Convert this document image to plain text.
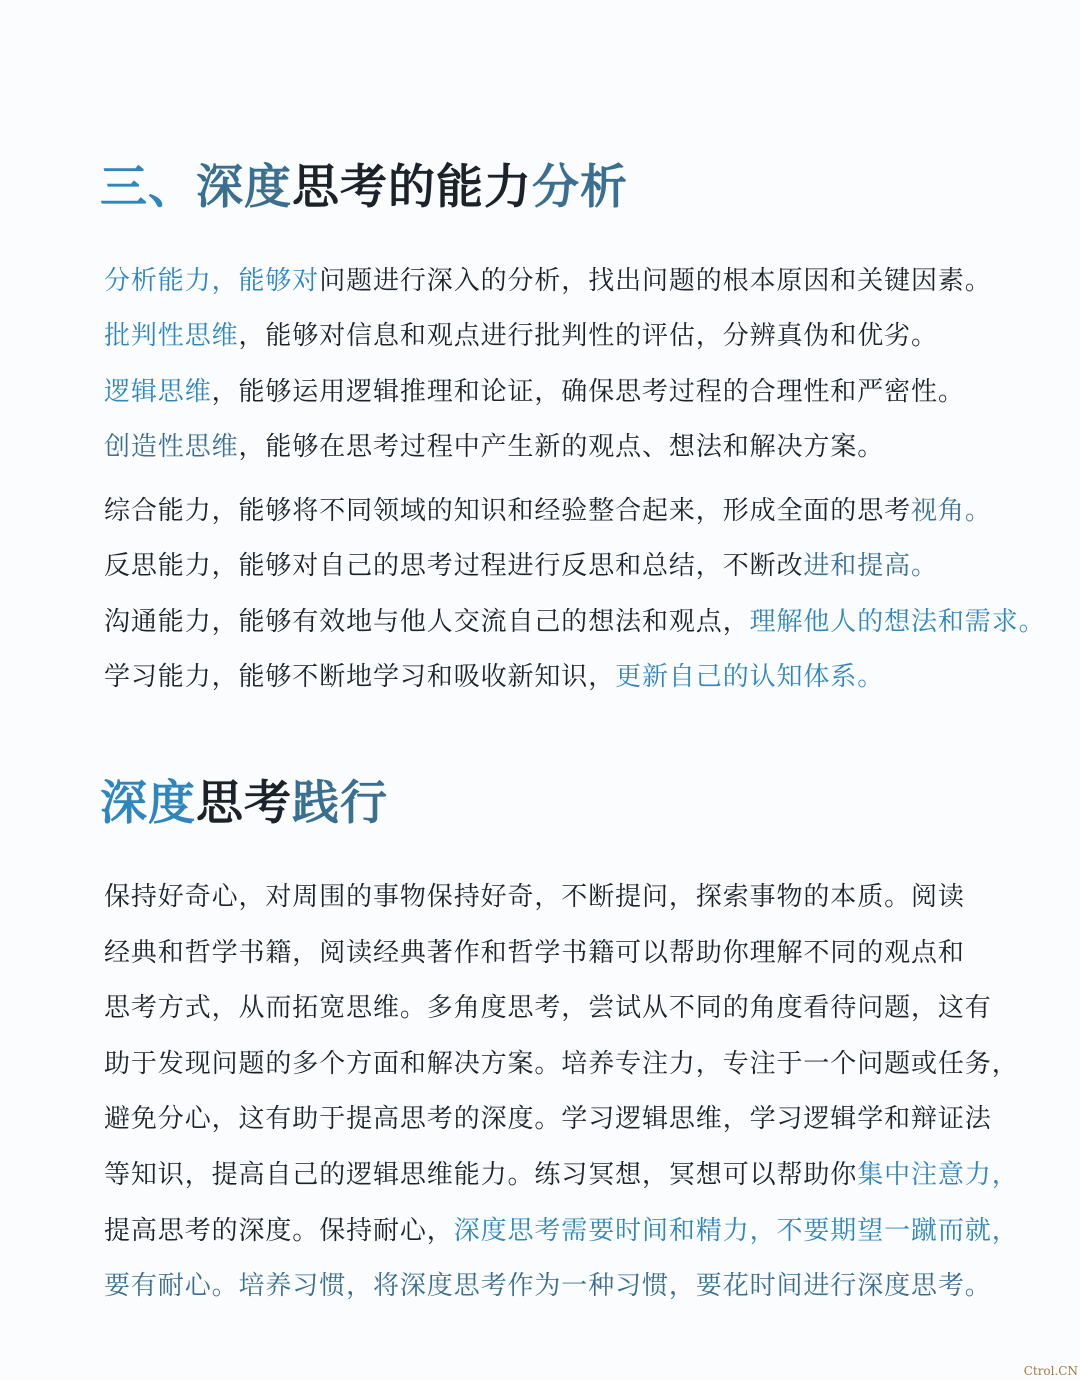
三、深度思考的能力分析
分析能力，能够对问题进行深入的分析，找出问题的根本原因和关键因素。
批判性思维，能够对信息和观点进行批判性的评估，分辨真伪和优劣。
逻辑思维，能够运用逻辑推理和论证，确保思考过程的合理性和严密性。
创造性思维，能够在思考过程中产生新的观点、想法和解决方案。
综合能力，能够将不同领域的知识和经验整合起来，形成全面的思考视角。
反思能力，能够对自己的思考过程进行反思和总结，不断改进和提高。
沟通能力，能够有效地与他人交流自己的想法和观点，理解他人的想法和需求。
学习能力，能够不断地学习和吸收新知识，更新自己的认知体系。
深度思考践行
保持好奇心，对周围的事物保持好奇，不断提问，探索事物的本质。阅读
经典和哲学书籍，阅读经典著作和哲学书籍可以帮助你理解不同的观点和
思考方式，从而拓宽思维。多角度思考，尝试从不同的角度看待问题，这有
助于发现问题的多个方面和解决方案。培养专注力，专注于一个问题或任务，
避免分心，这有助于提高思考的深度。学习逻辑思维，学习逻辑学和辩证法
等知识，提高自己的逻辑思维能力。练习冥想，冥想可以帮助你集中注意力，
提高思考的深度。保持耐心，深度思考需要时间和精力，不要期望一蹴而就，
要有耐心。培养习惯，将深度思考作为一种习惯，要花时间进行深度思考。
Ctrol.CN
